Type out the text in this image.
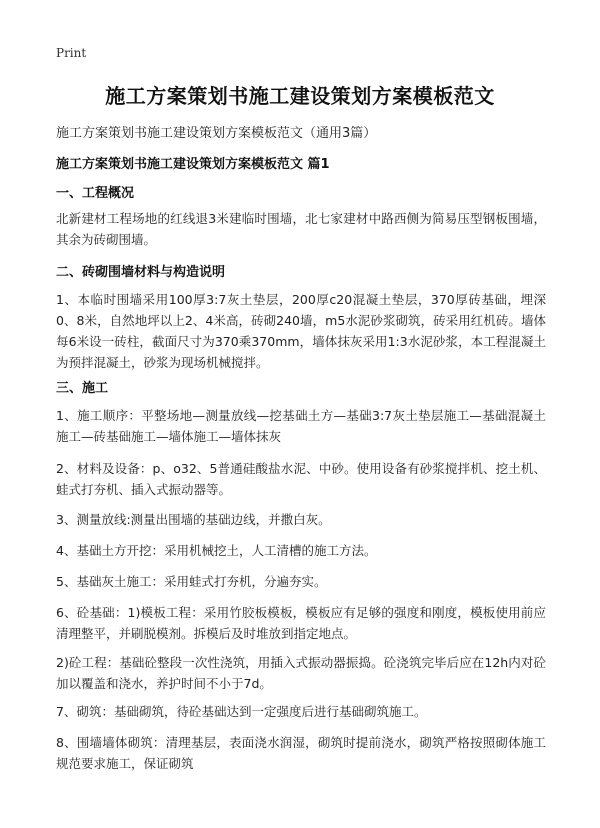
Print
施工方案策划书施工建设策划方案模板范文
施工方案策划书施工建设策划方案模板范文（通用3篇）
施工方案策划书施工建设策划方案模板范文 篇1
一、工程概况
北新建材工程场地的红线退3米建临时围墙，北七家建材中路西侧为简易压型钢板围墙，其余为砖砌围墙。
二、砖砌围墙材料与构造说明
1、本临时围墙采用100厚3:7灰土垫层，200厚c20混凝土垫层，370厚砖基础，埋深0、8米，自然地坪以上2、4米高，砖砌240墙，m5水泥砂浆砌筑，砖采用红机砖。墙体每6米设一砖柱，截面尺寸为370乘370mm，墙体抹灰采用1:3水泥砂浆，本工程混凝土为预拌混凝土，砂浆为现场机械搅拌。
三、施工
1、施工顺序：平整场地—测量放线—挖基础土方—基础3:7灰土垫层施工—基础混凝土施工—砖基础施工—墙体施工—墙体抹灰
2、材料及设备：p、o32、5普通硅酸盐水泥、中砂。使用设备有砂浆搅拌机、挖土机、蛙式打夯机、插入式振动器等。
3、测量放线:测量出围墙的基础边线，并撒白灰。
4、基础土方开挖：采用机械挖土，人工清槽的施工方法。
5、基础灰土施工：采用蛙式打夯机，分遍夯实。
6、砼基础：1)模板工程：采用竹胶板模板，模板应有足够的强度和刚度，模板使用前应清理整平，并刷脱模剂。拆模后及时堆放到指定地点。
2)砼工程：基础砼整段一次性浇筑，用插入式振动器振捣。砼浇筑完毕后应在12h内对砼加以覆盖和浇水，养护时间不小于7d。
7、砌筑：基础砌筑，待砼基础达到一定强度后进行基础砌筑施工。
8、围墙墙体砌筑：清理基层，表面浇水润湿，砌筑时提前浇水，砌筑严格按照砌体施工规范要求施工，保证砌筑
